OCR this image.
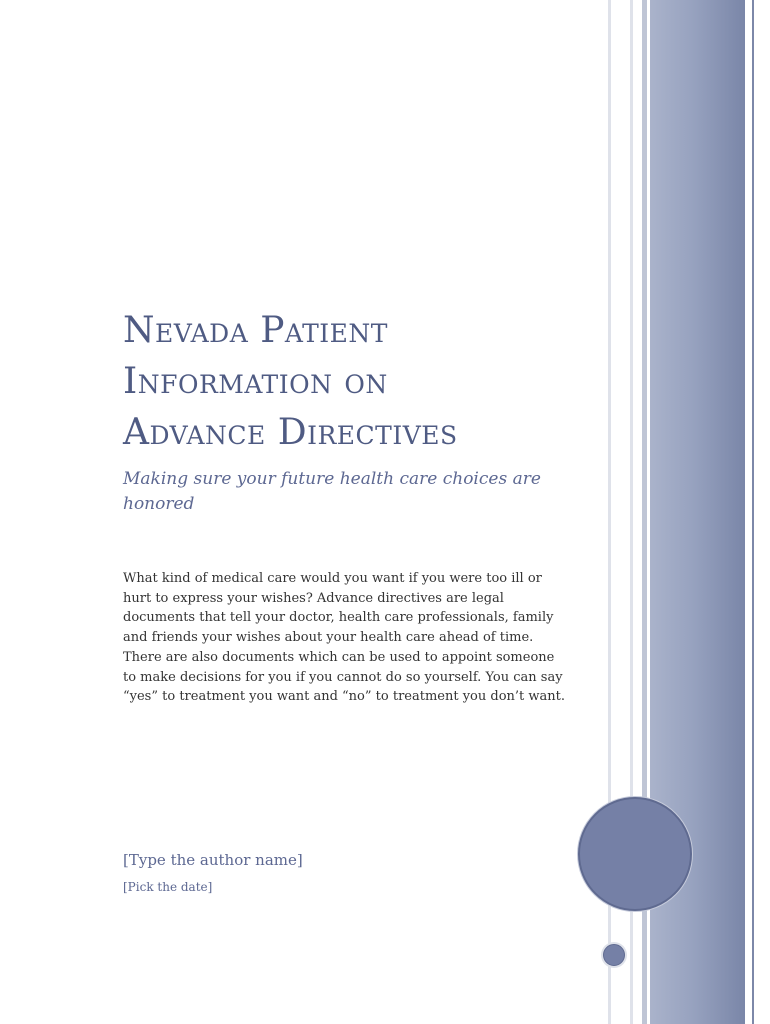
Nevada Patient
Information on
Advance Directives

Making sure your future health care choices are honored

What kind of medical care would you want if you were too ill or hurt to express your wishes? Advance directives are legal documents that tell your doctor, health care professionals, family and friends your wishes about your health care ahead of time. There are also documents which can be used to appoint someone to make decisions for you if you cannot do so yourself. You can say “yes” to treatment you want and “no” to treatment you don’t want.

[Type the author name]

[Pick the date]
